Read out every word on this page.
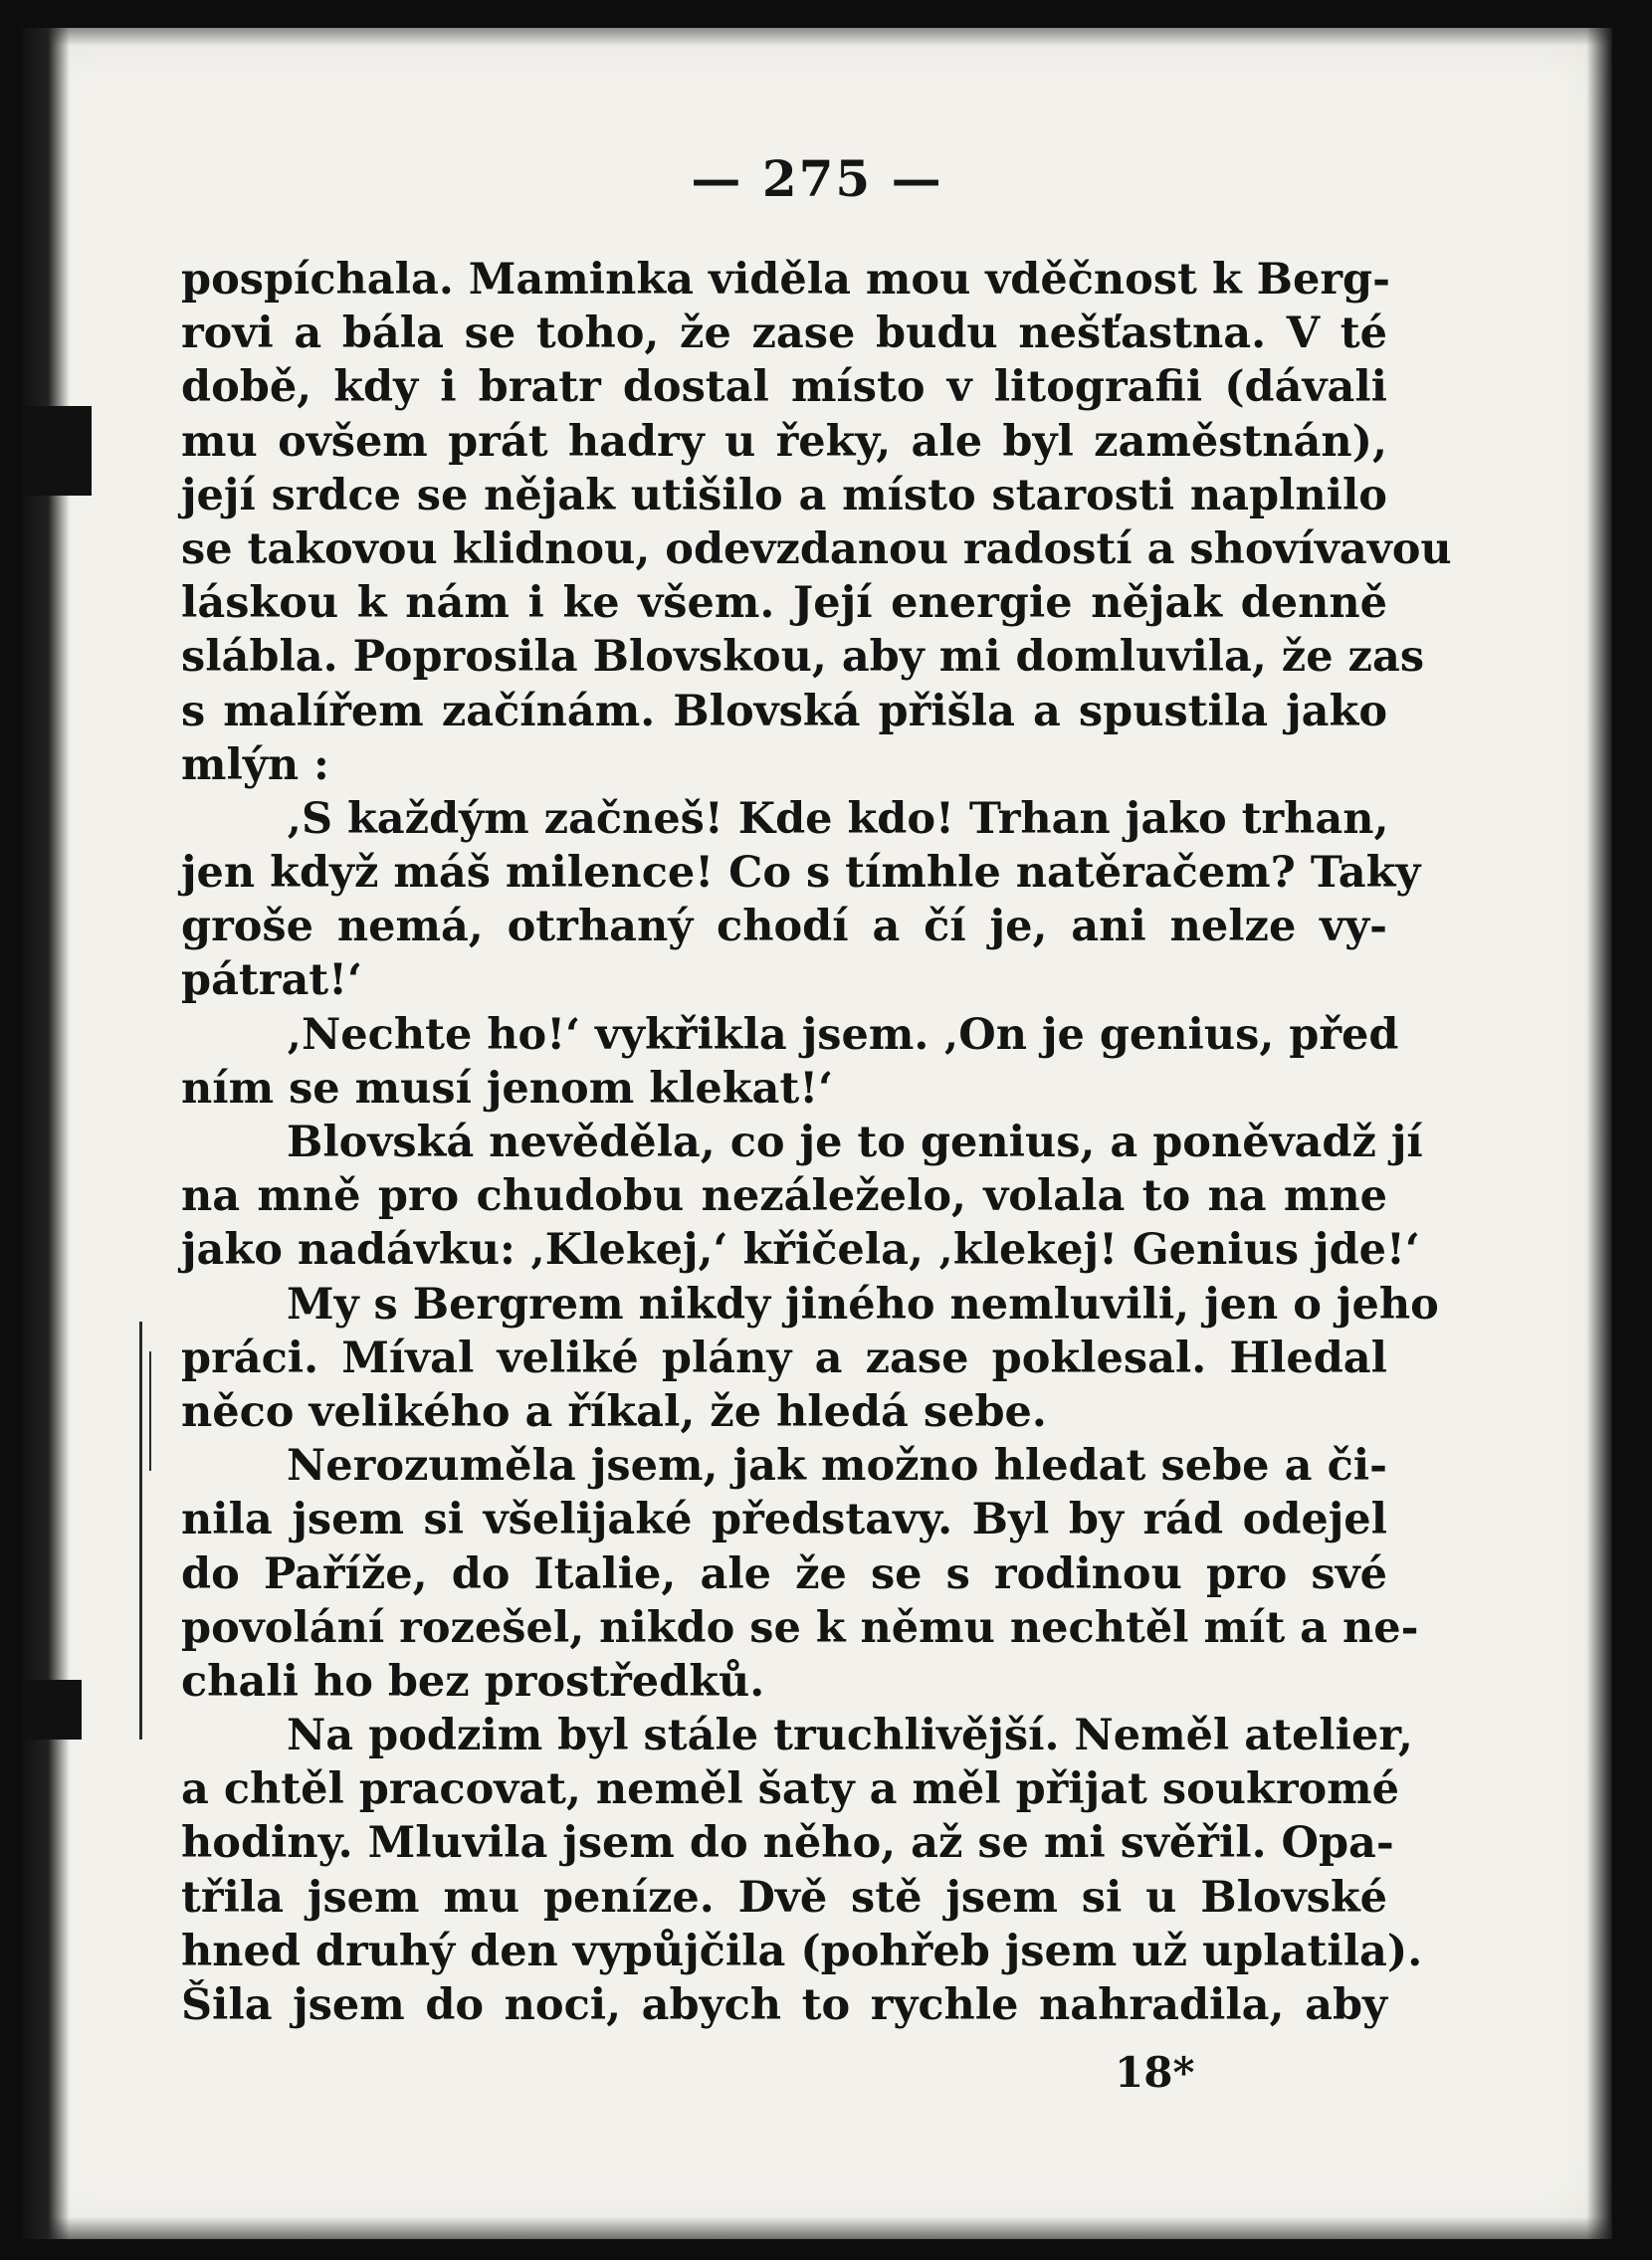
— 275 —
pospíchala. Maminka viděla mou vděčnost k Berg-
rovi a bála se toho, že zase budu nešťastna. V té
době, kdy i bratr dostal místo v litografii (dávali
mu ovšem prát hadry u řeky, ale byl zaměstnán),
její srdce se nějak utišilo a místo starosti naplnilo
se takovou klidnou, odevzdanou radostí a shovívavou
láskou k nám i ke všem. Její energie nějak denně
slábla. Poprosila Blovskou, aby mi domluvila, že zas
s malířem začínám. Blovská přišla a spustila jako
mlýn :
‚S každým začneš! Kde kdo! Trhan jako trhan,
jen když máš milence! Co s tímhle natěračem? Taky
groše nemá, otrhaný chodí a čí je, ani nelze vy-
pátrat!‘
‚Nechte ho!‘ vykřikla jsem. ‚On je genius, před
ním se musí jenom klekat!‘
Blovská nevěděla, co je to genius, a poněvadž jí
na mně pro chudobu nezáleželo, volala to na mne
jako nadávku: ‚Klekej,‘ křičela, ‚klekej! Genius jde!‘
My s Bergrem nikdy jiného nemluvili, jen o jeho
práci. Míval veliké plány a zase poklesal. Hledal
něco velikého a říkal, že hledá sebe.
Nerozuměla jsem, jak možno hledat sebe a či-
nila jsem si všelijaké představy. Byl by rád odejel
do Paříže, do Italie, ale že se s rodinou pro své
povolání rozešel, nikdo se k němu nechtěl mít a ne-
chali ho bez prostředků.
Na podzim byl stále truchlivější. Neměl atelier,
a chtěl pracovat, neměl šaty a měl přijat soukromé
hodiny. Mluvila jsem do něho, až se mi svěřil. Opa-
třila jsem mu peníze. Dvě stě jsem si u Blovské
hned druhý den vypůjčila (pohřeb jsem už uplatila).
Šila jsem do noci, abych to rychle nahradila, aby
18*
